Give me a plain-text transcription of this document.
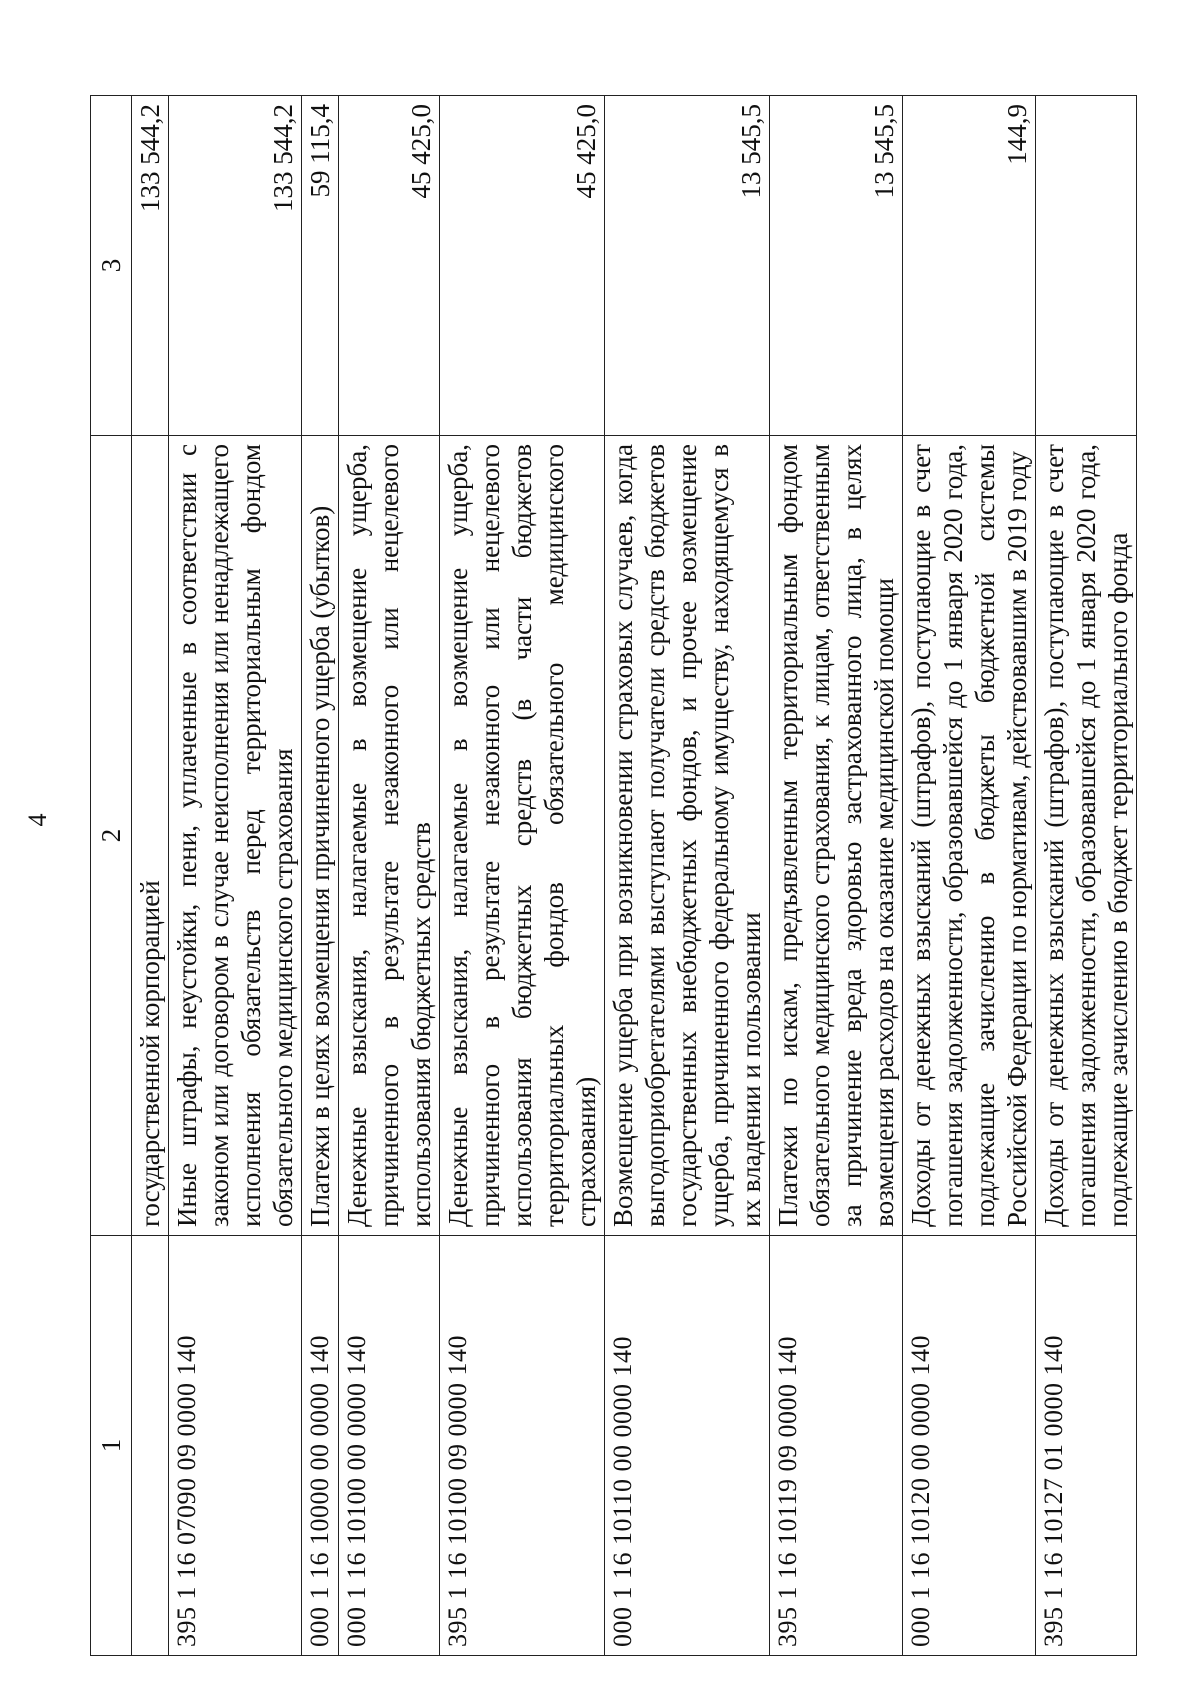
4
1	2	3
	государственной корпорацией	133 544,2
395 1 16 07090 09 0000 140	Иные штрафы, неустойки, пени, уплаченные в соответствии с законом или договором в случае неисполнения или ненадлежащего исполнения обязательств перед территориальным фондом обязательного медицинского страхования	133 544,2
000 1 16 10000 00 0000 140	Платежи в целях возмещения причиненного ущерба (убытков)	59 115,4
000 1 16 10100 00 0000 140	Денежные взыскания, налагаемые в возмещение ущерба, причиненного в результате незаконного или нецелевого использования бюджетных средств	45 425,0
395 1 16 10100 09 0000 140	Денежные взыскания, налагаемые в возмещение ущерба, причиненного в результате незаконного или нецелевого использования бюджетных средств (в части бюджетов территориальных фондов обязательного медицинского страхования)	45 425,0
000 1 16 10110 00 0000 140	Возмещение ущерба при возникновении страховых случаев, когда выгодоприобретателями выступают получатели средств бюджетов государственных внебюджетных фондов, и прочее возмещение ущерба, причиненного федеральному имуществу, находящемуся в их владении и пользовании	13 545,5
395 1 16 10119 09 0000 140	Платежи по искам, предъявленным территориальным фондом обязательного медицинского страхования, к лицам, ответственным за причинение вреда здоровью застрахованного лица, в целях возмещения расходов на оказание медицинской помощи	13 545,5
000 1 16 10120 00 0000 140	Доходы от денежных взысканий (штрафов), поступающие в счет погашения задолженности, образовавшейся до 1 января 2020 года, подлежащие зачислению в бюджеты бюджетной системы Российской Федерации по нормативам, действовавшим в 2019 году	144,9
395 1 16 10127 01 0000 140	Доходы от денежных взысканий (штрафов), поступающие в счет погашения задолженности, образовавшейся до 1 января 2020 года, подлежащие зачислению в бюджет территориального фонда	
